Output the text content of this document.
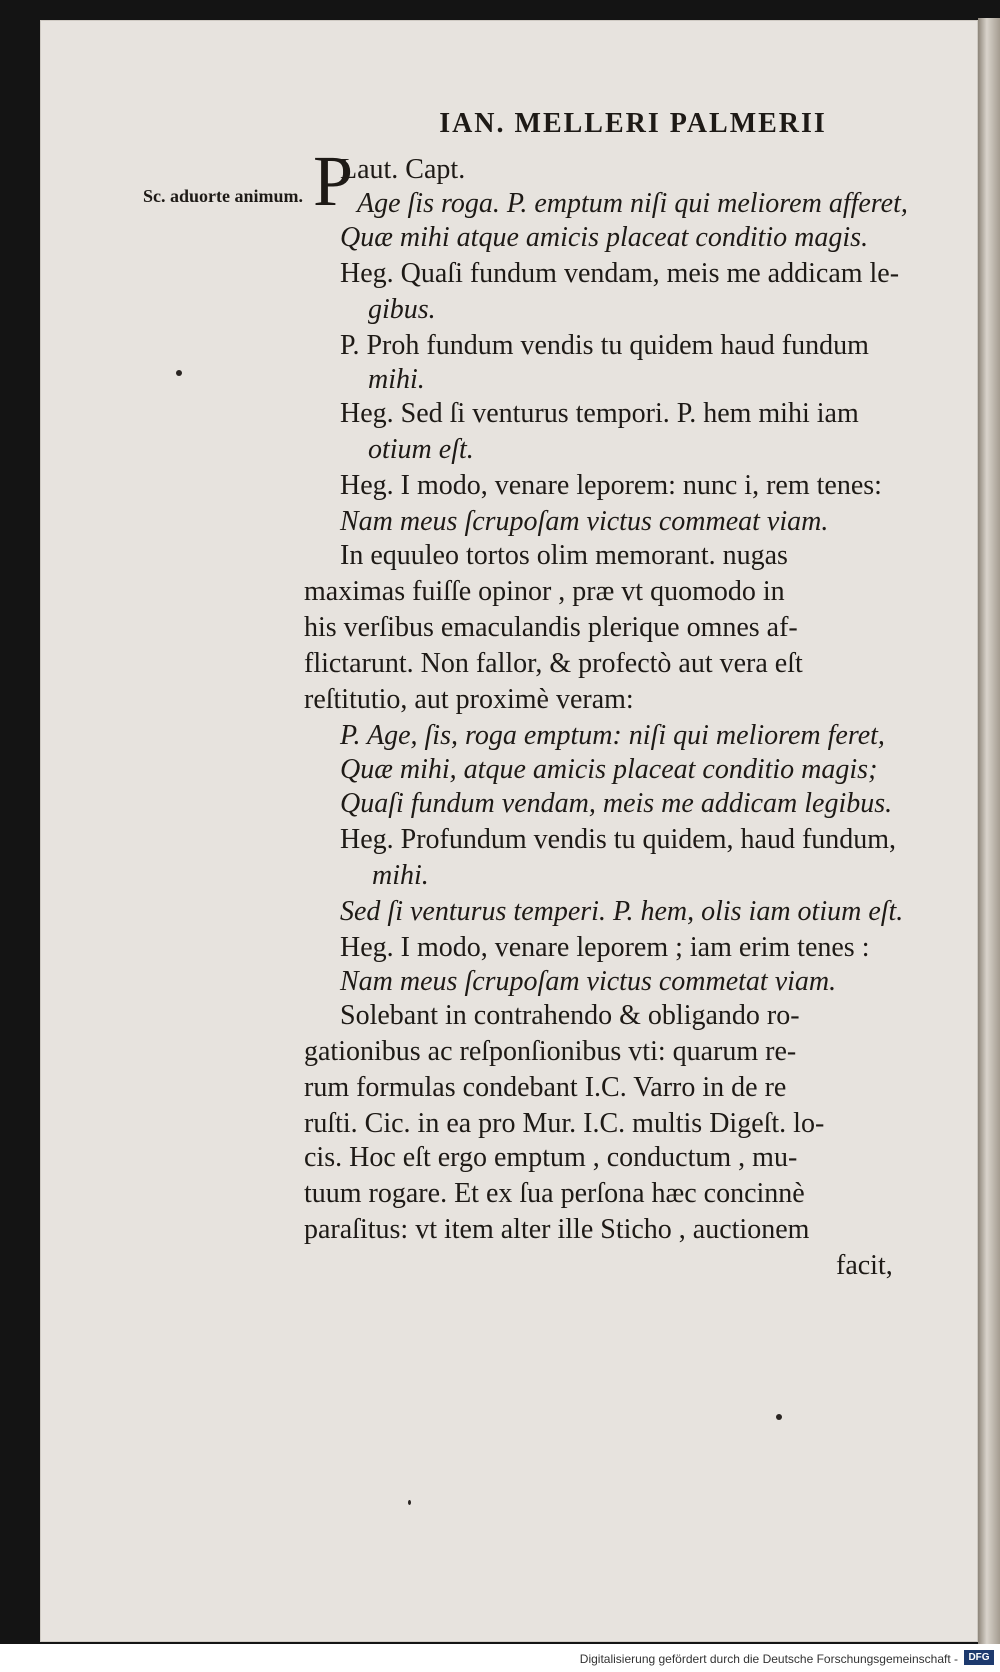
IAN. MELLERI PALMERII
Sc. aduorte animum. P
Laut. Capt.
Age ſis roga. P. emptum niſi qui meliorem afferet,
Quæ mihi atque amicis placeat conditio magis.
Heg. Quaſi fundum vendam, meis me addicam le-
gibus.
P. Proh fundum vendis tu quidem haud fundum
mihi.
Heg. Sed ſi venturus tempori. P. hem mihi iam
otium eſt.
Heg. I modo, venare leporem: nunc i, rem tenes:
Nam meus ſcrupoſam victus commeat viam.
In equuleo tortos olim memorant. nugas
maximas fuiſſe opinor , præ vt quomodo in
his verſibus emaculandis plerique omnes af-
flictarunt. Non fallor, & profectò aut vera eſt
reſtitutio, aut proximè veram:
P. Age, ſis, roga emptum: niſi qui meliorem feret,
Quæ mihi, atque amicis placeat conditio magis;
Quaſi fundum vendam, meis me addicam legibus.
Heg. Profundum vendis tu quidem, haud fundum,
mihi.
Sed ſi venturus temperi. P. hem, olis iam otium eſt.
Heg. I modo, venare leporem ; iam erim tenes :
Nam meus ſcrupoſam victus commetat viam.
Solebant in contrahendo & obligando ro-
gationibus ac reſponſionibus vti: quarum re-
rum formulas condebant I.C. Varro in de re
ruſti. Cic. in ea pro Mur. I.C. multis Digeſt. lo-
cis. Hoc eſt ergo emptum , conductum , mu-
tuum rogare. Et ex ſua perſona hæc concinnè
paraſitus: vt item alter ille Sticho , auctionem
facit,
Digitalisierung gefördert durch die Deutsche Forschungsgemeinschaft -	DFG
